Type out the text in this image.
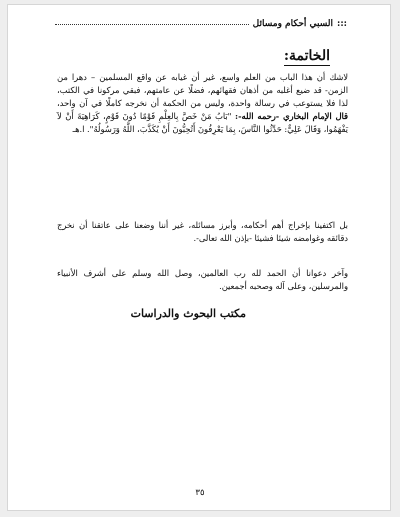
:::
السبي أحكام ومسائل
الخاتمة:

لاشك أن هذا الباب من العلم واسع، غير أن غيابه عن واقع المسلمين – دهرا من الزمن- قد ضيع أغلبه من أذهان فقهائهم، فضلًا عن عامتهم، فبقي مركونا في الكتب، لذا فلا يستوعب في رسالة واحدة، وليس من الحكمة أن نخرجه كاملًا في آن واحد، قال الإمام البخاري -رحمه الله-: "بَابُ مَنْ خَصَّ بِالعِلْمِ قَوْمًا دُونَ قَوْمٍ، كَرَاهِيَةَ أَنْ لاَ يَفْهَمُوا، وَقَالَ عَلِيٌّ: حَدِّثُوا النَّاسَ، بِمَا يَعْرِفُونَ أَتُحِبُّونَ أَنْ يُكَذَّبَ، اللَّهُ وَرَسُولُهُ". ا.هـ

بل اكتفينا بإخراج أهم أحكامه، وأبرز مسائله، غير أننا وضعنا على عاتقنا أن نخرج دقائقه وغوامضه شيئا فشيئا -بإذن الله تعالى-.

وآخر دعوانا أن الحمد لله رب العالمين، وصل الله وسلم على أشرف الأنبياء والمرسلين، وعلى آله وصحبه أجمعين.

مكتب البحوث والدراسات
٣٥
